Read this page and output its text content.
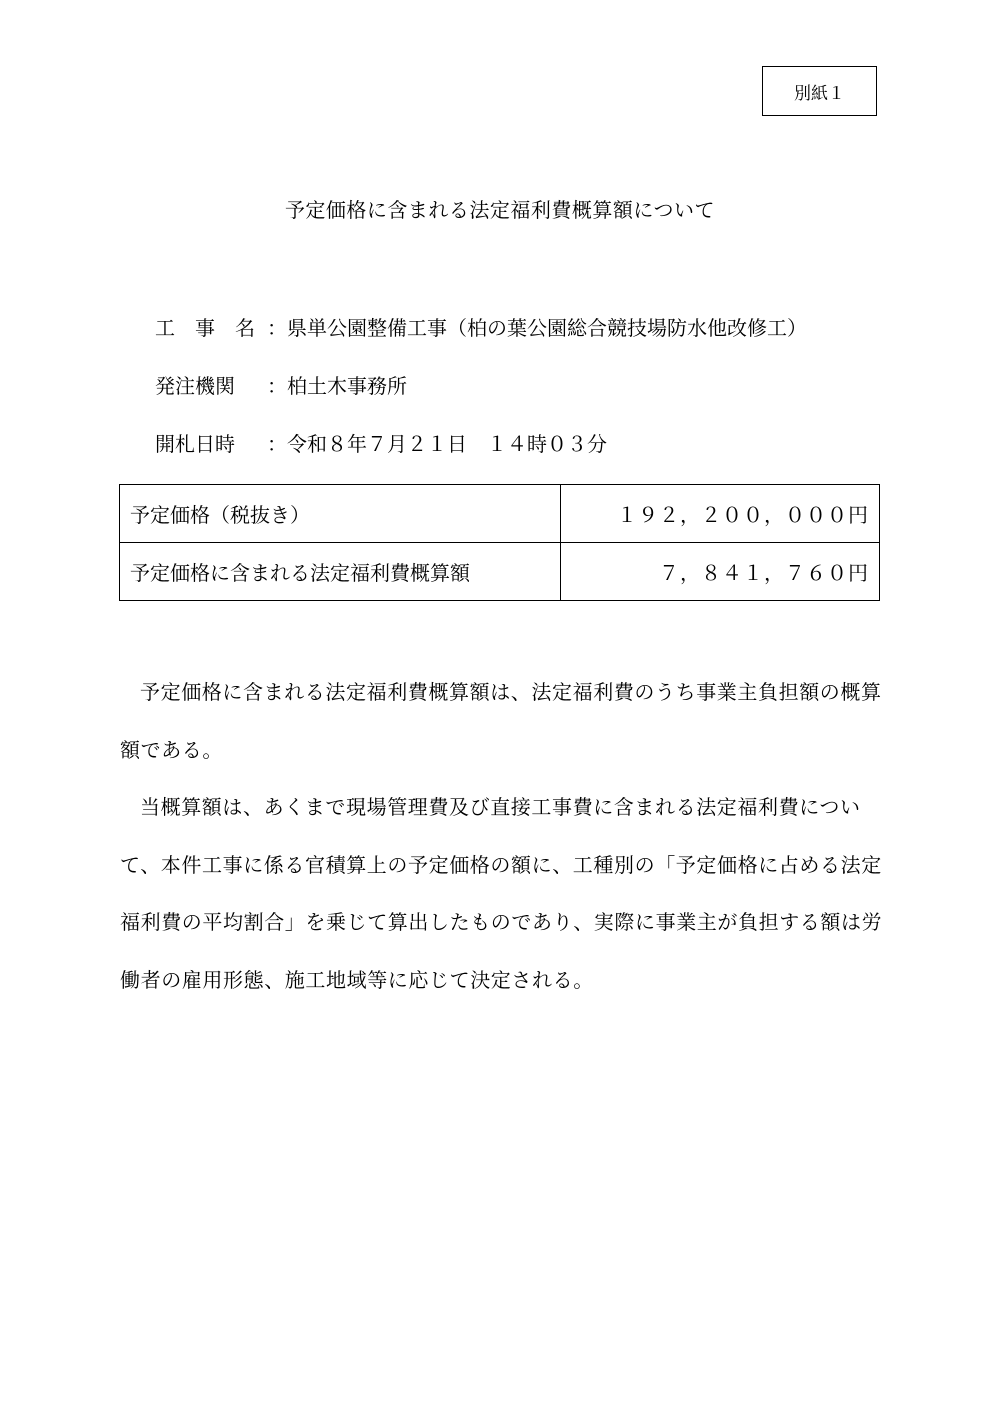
別紙１
予定価格に含まれる法定福利費概算額について
工　事　名 ： 県単公園整備工事（柏の葉公園総合競技場防水他改修工）
発注機関	： 柏土木事務所
開札日時	： 令和８年７月２１日　１４時０３分
予定価格（税抜き）	１９２，２００，０００円
予定価格に含まれる法定福利費概算額	７，８４１，７６０円

予定価格に含まれる法定福利費概算額は、法定福利費のうち事業主負担額の概算額である。

当概算額は、あくまで現場管理費及び直接工事費に含まれる法定福利費について、本件工事に係る官積算上の予定価格の額に、工種別の「予定価格に占める法定福利費の平均割合」を乗じて算出したものであり、実際に事業主が負担する額は労働者の雇用形態、施工地域等に応じて決定される。
